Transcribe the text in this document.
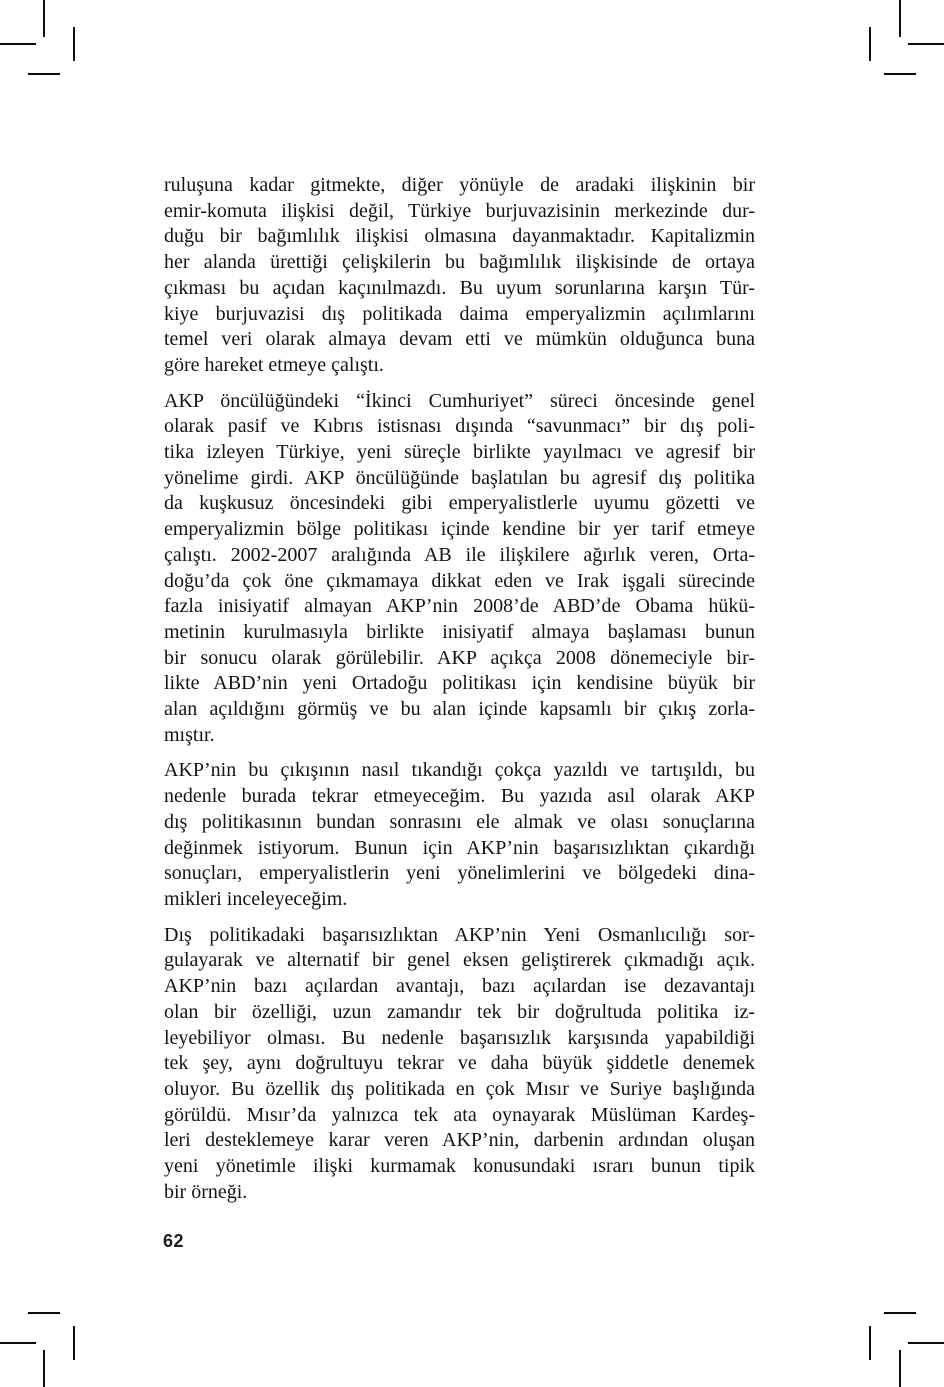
ruluşuna kadar gitmekte, diğer yönüyle de aradaki ilişkinin bir
emir-komuta ilişkisi değil, Türkiye burjuvazisinin merkezinde dur-
duğu bir bağımlılık ilişkisi olmasına dayanmaktadır. Kapitalizmin
her alanda ürettiği çelişkilerin bu bağımlılık ilişkisinde de ortaya
çıkması bu açıdan kaçınılmazdı. Bu uyum sorunlarına karşın Tür-
kiye burjuvazisi dış politikada daima emperyalizmin açılımlarını
temel veri olarak almaya devam etti ve mümkün olduğunca buna
göre hareket etmeye çalıştı.

AKP öncülüğündeki “İkinci Cumhuriyet” süreci öncesinde genel
olarak pasif ve Kıbrıs istisnası dışında “savunmacı” bir dış poli-
tika izleyen Türkiye, yeni süreçle birlikte yayılmacı ve agresif bir
yönelime girdi. AKP öncülüğünde başlatılan bu agresif dış politika
da kuşkusuz öncesindeki gibi emperyalistlerle uyumu gözetti ve
emperyalizmin bölge politikası içinde kendine bir yer tarif etmeye
çalıştı. 2002-2007 aralığında AB ile ilişkilere ağırlık veren, Orta-
doğu’da çok öne çıkmamaya dikkat eden ve Irak işgali sürecinde
fazla inisiyatif almayan AKP’nin 2008’de ABD’de Obama hükü-
metinin kurulmasıyla birlikte inisiyatif almaya başlaması bunun
bir sonucu olarak görülebilir. AKP açıkça 2008 dönemeciyle bir-
likte ABD’nin yeni Ortadoğu politikası için kendisine büyük bir
alan açıldığını görmüş ve bu alan içinde kapsamlı bir çıkış zorla-
mıştır.

AKP’nin bu çıkışının nasıl tıkandığı çokça yazıldı ve tartışıldı, bu
nedenle burada tekrar etmeyeceğim. Bu yazıda asıl olarak AKP
dış politikasının bundan sonrasını ele almak ve olası sonuçlarına
değinmek istiyorum. Bunun için AKP’nin başarısızlıktan çıkardığı
sonuçları, emperyalistlerin yeni yönelimlerini ve bölgedeki dina-
mikleri inceleyeceğim.

Dış politikadaki başarısızlıktan AKP’nin Yeni Osmanlıcılığı sor-
gulayarak ve alternatif bir genel eksen geliştirerek çıkmadığı açık.
AKP’nin bazı açılardan avantajı, bazı açılardan ise dezavantajı
olan bir özelliği, uzun zamandır tek bir doğrultuda politika iz-
leyebiliyor olması. Bu nedenle başarısızlık karşısında yapabildiği
tek şey, aynı doğrultuyu tekrar ve daha büyük şiddetle denemek
oluyor. Bu özellik dış politikada en çok Mısır ve Suriye başlığında
görüldü. Mısır’da yalnızca tek ata oynayarak Müslüman Kardeş-
leri desteklemeye karar veren AKP’nin, darbenin ardından oluşan
yeni yönetimle ilişki kurmamak konusundaki ısrarı bunun tipik
bir örneği.

62
